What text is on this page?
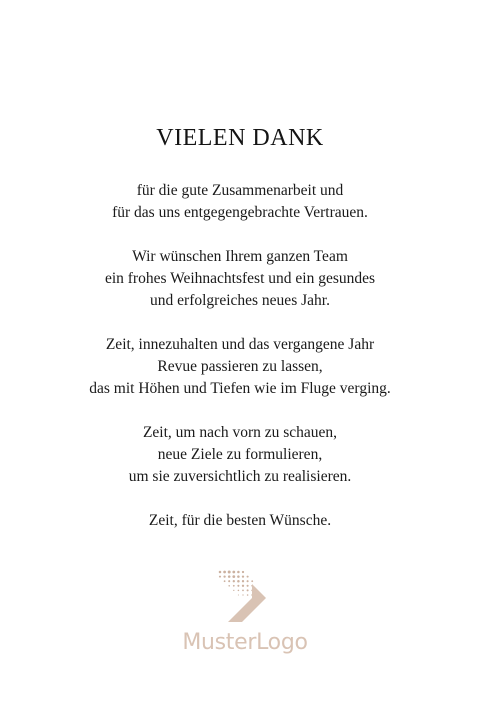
VIELEN DANK

für die gute Zusammenarbeit und
für das uns entgegengebrachte Vertrauen.

Wir wünschen Ihrem ganzen Team
ein frohes Weihnachtsfest und ein gesundes
und erfolgreiches neues Jahr.

Zeit, innezuhalten und das vergangene Jahr
Revue passieren zu lassen,
das mit Höhen und Tiefen wie im Fluge verging.

Zeit, um nach vorn zu schauen,
neue Ziele zu formulieren,
um sie zuversichtlich zu realisieren.

Zeit, für die besten Wünsche.

MusterLogo
